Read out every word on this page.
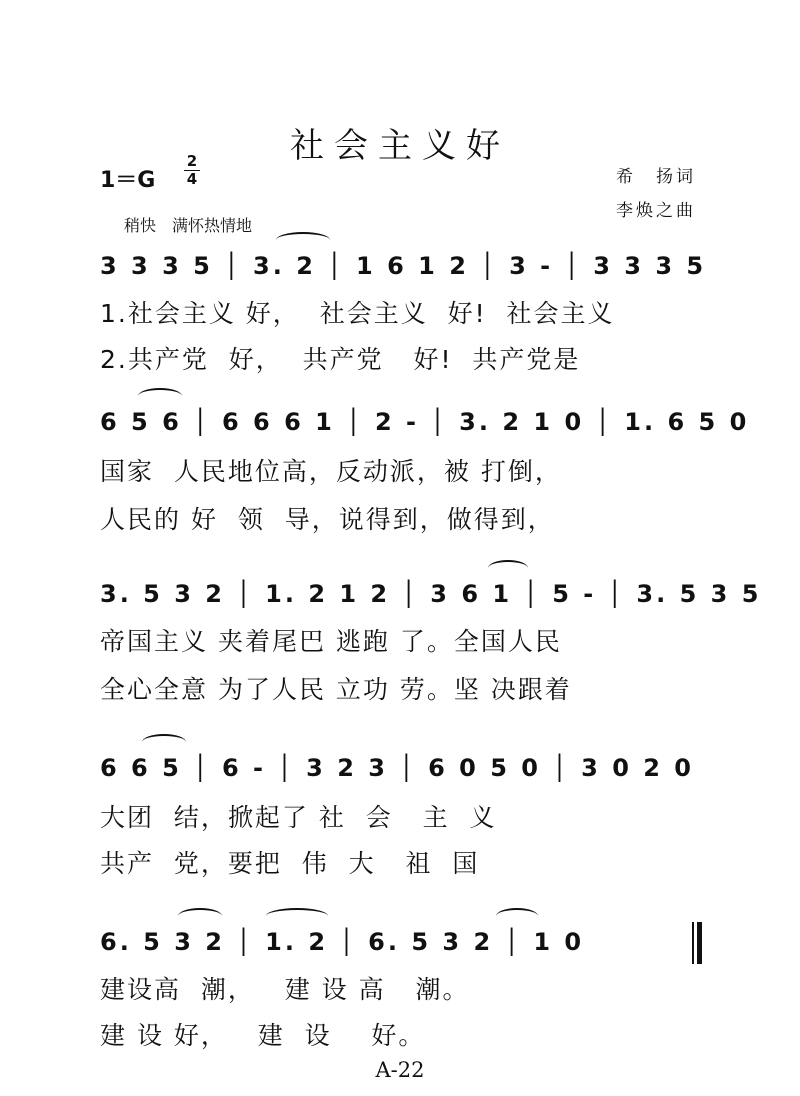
社会主义好
1＝G
2
4	希　扬词
李焕之曲
稍快　满怀热情地
3 3 3 5 │ 3. 2 │ 1 6 1 2 │ 3 - │ 3 3 3 5
1.社会主义 好，  社会主义  好!  社会主义
2.共产党  好，  共产党   好!  共产党是
6 5 6 │ 6 6 6 1 │ 2 - │ 3. 2 1 0 │ 1. 6 5 0
国家  人民地位高，反动派，被 打倒，
人民的 好  领  导，说得到，做得到，
3. 5 3 2 │ 1. 2 1 2 │ 3 6 1 │ 5 - │ 3. 5 3 5
帝国主义 夹着尾巴 逃跑 了。全国人民
全心全意 为了人民 立功 劳。坚 决跟着
6 6 5 │ 6 - │ 3 2 3 │ 6 0 5 0 │ 3 0 2 0
大团  结，掀起了 社  会   主  义
共产  党，要把  伟  大   祖  国
6. 5 3 2 │ 1. 2 │ 6. 5 3 2 │ 1 0
建设高  潮，   建 设 高   潮。
建 设 好，   建  设    好。
A-22
